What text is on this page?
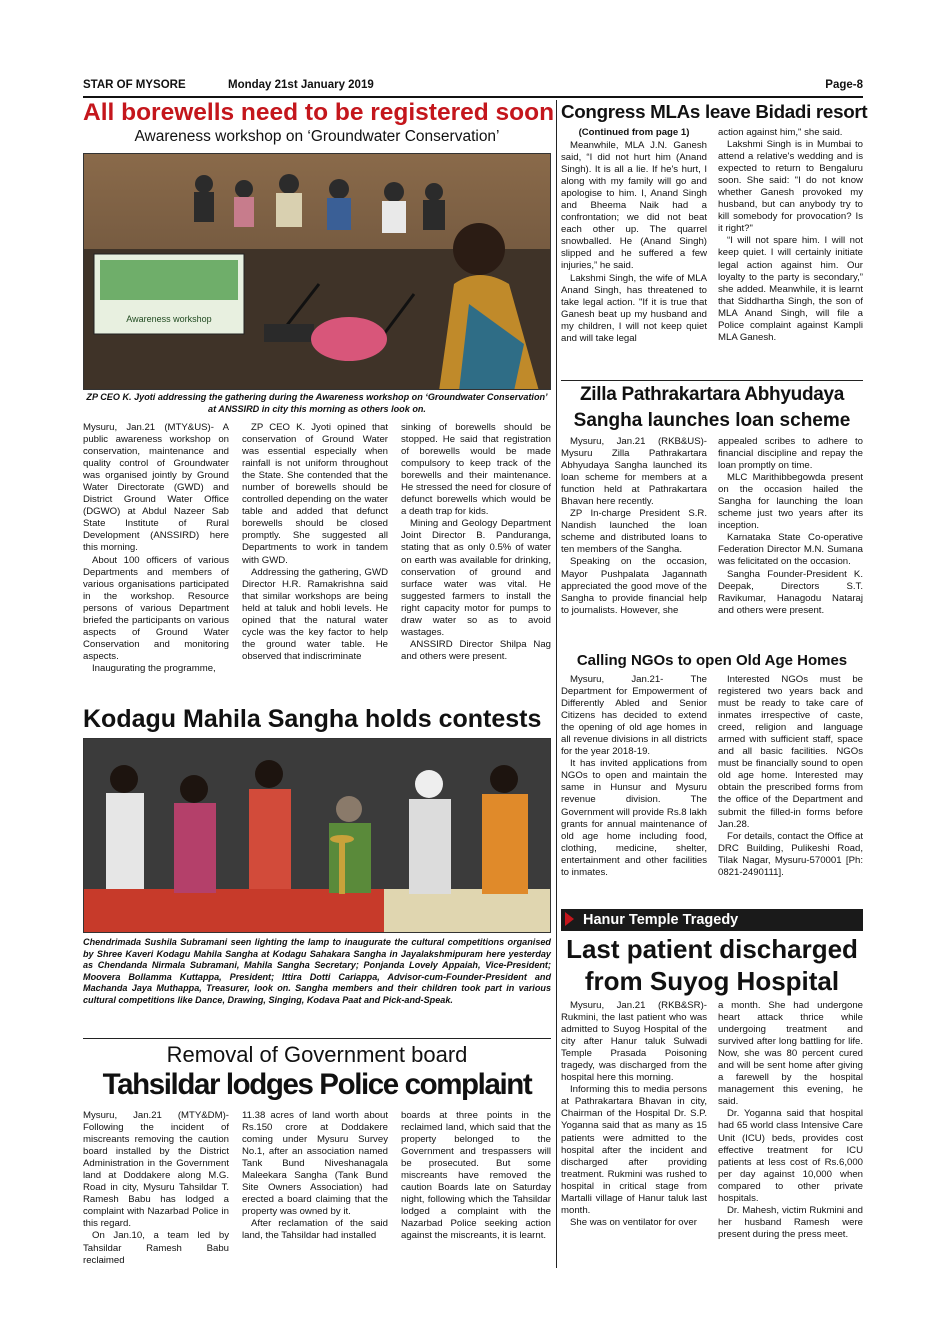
STAR OF MYSORE	Monday 21st January 2019	Page-8
All borewells need to be registered soon
Awareness workshop on ‘Groundwater Conservation’
Awareness workshop
ZP CEO K. Jyoti addressing the gathering during the Awareness workshop on ‘Groundwater Conservation’ at ANSSIRD in city this morning as others look on.

Mysuru, Jan.21 (MTY&US)- A public awareness workshop on conservation, maintenance and quality control of Groundwater was organised jointly by Ground Water Directorate (GWD) and District Ground Water Office (DGWO) at Abdul Nazeer Sab State Institute of Rural Development (ANSSIRD) here this morning.

About 100 officers of various Departments and members of various organisations participated in the workshop. Resource persons of various Department briefed the participants on various aspects of Ground Water Conservation and monitoring aspects.

Inaugurating the programme,

ZP CEO K. Jyoti opined that conservation of Ground Water was essential especially when rainfall is not uniform throughout the State. She contended that the number of borewells should be controlled depending on the water table and added that defunct borewells should be closed promptly. She suggested all Departments to work in tandem with GWD.

Addressing the gathering, GWD Director H.R. Ramakrishna said that similar workshops are being held at taluk and hobli levels. He opined that the natural water cycle was the key factor to help the ground water table. He observed that indiscriminate

sinking of borewells should be stopped. He said that registration of borewells would be made compulsory to keep track of the borewells and their maintenance. He stressed the need for closure of defunct borewells which would be a death trap for kids.

Mining and Geology Department Joint Director B. Panduranga, stating that as only 0.5% of water on earth was available for drinking, conservation of ground and surface water was vital. He suggested farmers to install the right capacity motor for pumps to draw water so as to avoid wastages.

ANSSIRD Director Shilpa Nag and others were present.

Kodagu Mahila Sangha holds contests
Chendrimada Sushila Subramani seen lighting the lamp to inaugurate the cultural competitions organised by Shree Kaveri Kodagu Mahila Sangha at Kodagu Sahakara Sangha in Jayalakshmipuram here yesterday as Chendanda Nirmala Subramani, Mahila Sangha Secretary; Ponjanda Lovely Appaiah, Vice-President; Moovera Bollamma Kuttappa, President; Ittira Dotti Cariappa, Advisor-cum-Founder-President and Machanda Jaya Muthappa, Treasurer, look on. Sangha members and their children took part in various cultural competitions like Dance, Drawing, Singing, Kodava Paat and Pick-and-Speak.
Removal of Government board
Tahsildar lodges Police complaint

Mysuru, Jan.21 (MTY&DM)- Following the incident of miscreants removing the caution board installed by the District Administration in the Government land at Doddakere along M.G. Road in city, Mysuru Tahsildar T. Ramesh Babu has lodged a complaint with Nazarbad Police in this regard.

On Jan.10, a team led by Tahsildar Ramesh Babu reclaimed

11.38 acres of land worth about Rs.150 crore at Doddakere coming under Mysuru Survey No.1, after an association named Tank Bund Niveshanagala Maleekara Sangha (Tank Bund Site Owners Association) had erected a board claiming that the property was owned by it.

After reclamation of the said land, the Tahsildar had installed

boards at three points in the reclaimed land, which said that the property belonged to the Government and trespassers will be prosecuted. But some miscreants have removed the caution Boards late on Saturday night, following which the Tahsildar lodged a complaint with the Nazarbad Police seeking action against the miscreants, it is learnt.

Congress MLAs leave Bidadi resort
(Continued from page 1)

Meanwhile, MLA J.N. Ganesh said, “I did not hurt him (Anand Singh). It is all a lie. If he's hurt, I along with my family will go and apologise to him. I, Anand Singh and Bheema Naik had a confrontation; we did not beat each other up. The quarrel snowballed. He (Anand Singh) slipped and he suffered a few injuries,” he said.

Lakshmi Singh, the wife of MLA Anand Singh, has threatened to take legal action. "If it is true that Ganesh beat up my husband and my children, I will not keep quiet and will take legal

action against him," she said.

Lakshmi Singh is in Mumbai to attend a relative's wedding and is expected to return to Bengaluru soon. She said: "I do not know whether Ganesh provoked my husband, but can anybody try to kill somebody for provocation? Is it right?"

“I will not spare him. I will not keep quiet. I will certainly initiate legal action against him. Our loyalty to the party is secondary,” she added. Meanwhile, it is learnt that Siddhartha Singh, the son of MLA Anand Singh, will file a Police complaint against Kampli MLA Ganesh.

Zilla Pathrakartara Abhyudaya
Sangha launches loan scheme

Mysuru, Jan.21 (RKB&US)- Mysuru Zilla Pathrakartara Abhyudaya Sangha launched its loan scheme for members at a function held at Pathrakartara Bhavan here recently.

ZP In-charge President S.R. Nandish launched the loan scheme and distributed loans to ten members of the Sangha.

Speaking on the occasion, Mayor Pushpalata Jagannath appreciated the good move of the Sangha to provide financial help to journalists. However, she

appealed scribes to adhere to financial discipline and repay the loan promptly on time.

MLC Marithibbegowda present on the occasion hailed the Sangha for launching the loan scheme just two years after its inception.

Karnataka State Co-operative Federation Director M.N. Sumana was felicitated on the occasion.

Sangha Founder-President K. Deepak, Directors S.T. Ravikumar, Hanagodu Nataraj and others were present.

Calling NGOs to open Old Age Homes

Mysuru, Jan.21- The Department for Empowerment of Differently Abled and Senior Citizens has decided to extend the opening of old age homes in all revenue divisions in all districts for the year 2018-19.

It has invited applications from NGOs to open and maintain the same in Hunsur and Mysuru revenue division. The Government will provide Rs.8 lakh grants for annual maintenance of old age home including food, clothing, medicine, shelter, entertainment and other facilities to inmates.

Interested NGOs must be registered two years back and must be ready to take care of inmates irrespective of caste, creed, religion and language armed with sufficient staff, space and all basic facilities. NGOs must be financially sound to open old age home. Interested may obtain the prescribed forms from the office of the Department and submit the filled-in forms before Jan.28.

For details, contact the Office at DRC Building, Pulikeshi Road, Tilak Nagar, Mysuru-570001 [Ph: 0821-2490111].

Hanur Temple Tragedy
Last patient discharged
from Suyog Hospital

Mysuru, Jan.21 (RKB&SR)- Rukmini, the last patient who was admitted to Suyog Hospital of the city after Hanur taluk Sulwadi Temple Prasada Poisoning tragedy, was discharged from the hospital here this morning.

Informing this to media persons at Pathrakartara Bhavan in city, Chairman of the Hospital Dr. S.P. Yoganna said that as many as 15 patients were admitted to the hospital after the incident and discharged after providing treatment. Rukmini was rushed to hospital in critical stage from Martalli village of Hanur taluk last month.

She was on ventilator for over

a month. She had undergone heart attack thrice while undergoing treatment and survived after long battling for life. Now, she was 80 percent cured and will be sent home after giving a farewell by the hospital management this evening, he said.

Dr. Yoganna said that hospital had 65 world class Intensive Care Unit (ICU) beds, provides cost effective treatment for ICU patients at less cost of Rs.6,000 per day against 10,000 when compared to other private hospitals.

Dr. Mahesh, victim Rukmini and her husband Ramesh were present during the press meet.
